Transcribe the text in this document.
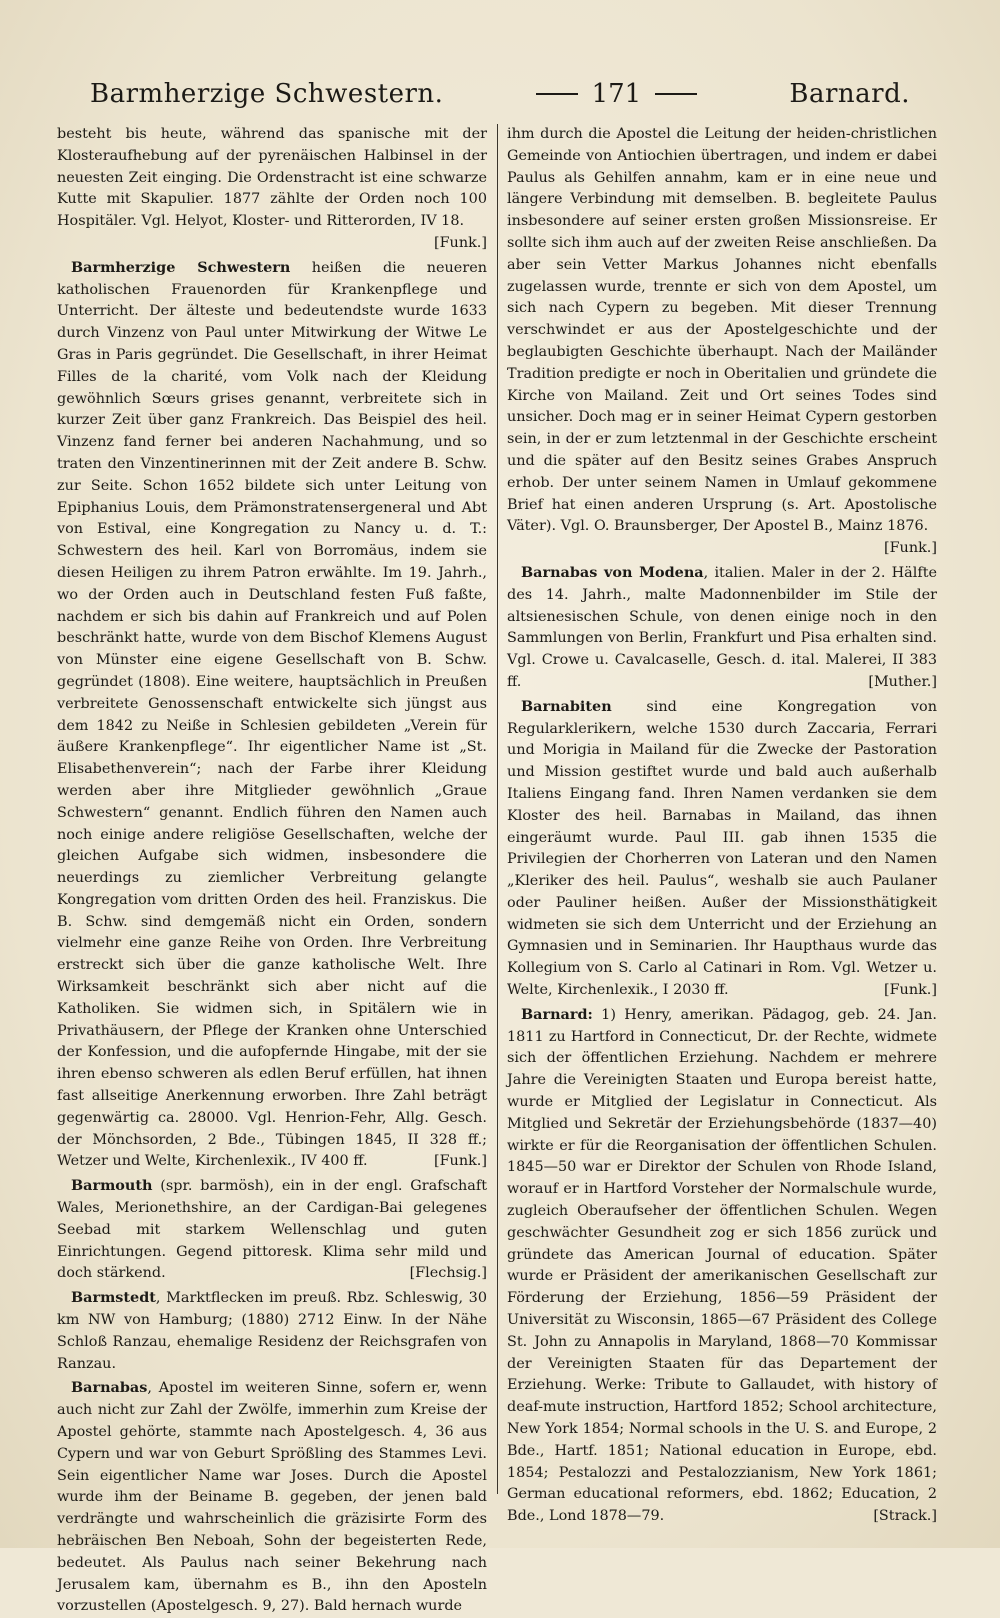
Barmherzige Schwestern.	171	Barnard.

besteht bis heute, während das spanische mit der Klosteraufhebung auf der pyrenäischen Halbinsel in der neuesten Zeit einging. Die Ordenstracht ist eine schwarze Kutte mit Skapulier. 1877 zählte der Orden noch 100 Hospitäler. Vgl. Helyot, Kloster- und Ritterorden, IV 18.
[Funk.]

Barmherzige Schwestern heißen die neueren katholischen Frauenorden für Krankenpflege und Unterricht. Der älteste und bedeutendste wurde 1633 durch Vinzenz von Paul unter Mitwirkung der Witwe Le Gras in Paris gegründet. Die Gesellschaft, in ihrer Heimat Filles de la charité, vom Volk nach der Kleidung gewöhnlich Sœurs grises genannt, verbreitete sich in kurzer Zeit über ganz Frankreich. Das Beispiel des heil. Vinzenz fand ferner bei anderen Nachahmung, und so traten den Vinzentinerinnen mit der Zeit andere B. Schw. zur Seite. Schon 1652 bildete sich unter Leitung von Epiphanius Louis, dem Prämonstratensergeneral und Abt von Estival, eine Kongregation zu Nancy u. d. T.: Schwestern des heil. Karl von Borromäus, indem sie diesen Heiligen zu ihrem Patron erwählte. Im 19. Jahrh., wo der Orden auch in Deutschland festen Fuß faßte, nachdem er sich bis dahin auf Frankreich und auf Polen beschränkt hatte, wurde von dem Bischof Klemens August von Münster eine eigene Gesellschaft von B. Schw. gegründet (1808). Eine weitere, hauptsächlich in Preußen verbreitete Genossenschaft entwickelte sich jüngst aus dem 1842 zu Neiße in Schlesien gebildeten „Verein für äußere Krankenpflege“. Ihr eigentlicher Name ist „St. Elisabethenverein“; nach der Farbe ihrer Kleidung werden aber ihre Mitglieder gewöhnlich „Graue Schwestern“ genannt. Endlich führen den Namen auch noch einige andere religiöse Gesellschaften, welche der gleichen Aufgabe sich widmen, insbesondere die neuerdings zu ziemlicher Verbreitung gelangte Kongregation vom dritten Orden des heil. Franziskus. Die B. Schw. sind demgemäß nicht ein Orden, sondern vielmehr eine ganze Reihe von Orden. Ihre Verbreitung erstreckt sich über die ganze katholische Welt. Ihre Wirksamkeit beschränkt sich aber nicht auf die Katholiken. Sie widmen sich, in Spitälern wie in Privathäusern, der Pflege der Kranken ohne Unterschied der Konfession, und die aufopfernde Hingabe, mit der sie ihren ebenso schweren als edlen Beruf erfüllen, hat ihnen fast allseitige Anerkennung erworben. Ihre Zahl beträgt gegenwärtig ca. 28000. Vgl. Henrion-Fehr, Allg. Gesch. der Mönchsorden, 2 Bde., Tübingen 1845, II 328 ff.; Wetzer und Welte, Kirchenlexik., IV 400 ff.	[Funk.]

Barmouth (spr. barmösh), ein in der engl. Grafschaft Wales, Merionethshire, an der Cardigan-Bai gelegenes Seebad mit starkem Wellenschlag und guten Einrichtungen. Gegend pittoresk. Klima sehr mild und doch stärkend.	[Flechsig.]

Barmstedt, Marktflecken im preuß. Rbz. Schleswig, 30 km NW von Hamburg; (1880) 2712 Einw. In der Nähe Schloß Ranzau, ehemalige Residenz der Reichsgrafen von Ranzau.

Barnabas, Apostel im weiteren Sinne, sofern er, wenn auch nicht zur Zahl der Zwölfe, immerhin zum Kreise der Apostel gehörte, stammte nach Apostelgesch. 4, 36 aus Cypern und war von Geburt Sprößling des Stammes Levi. Sein eigentlicher Name war Joses. Durch die Apostel wurde ihm der Beiname B. gegeben, der jenen bald verdrängte und wahrscheinlich die gräzisirte Form des hebräischen Ben Neboah, Sohn der begeisterten Rede, bedeutet. Als Paulus nach seiner Bekehrung nach Jerusalem kam, übernahm es B., ihn den Aposteln vorzustellen (Apostelgesch. 9, 27). Bald hernach wurde

ihm durch die Apostel die Leitung der heiden-christlichen Gemeinde von Antiochien übertragen, und indem er dabei Paulus als Gehilfen annahm, kam er in eine neue und längere Verbindung mit demselben. B. begleitete Paulus insbesondere auf seiner ersten großen Missionsreise. Er sollte sich ihm auch auf der zweiten Reise anschließen. Da aber sein Vetter Markus Johannes nicht ebenfalls zugelassen wurde, trennte er sich von dem Apostel, um sich nach Cypern zu begeben. Mit dieser Trennung verschwindet er aus der Apostelgeschichte und der beglaubigten Geschichte überhaupt. Nach der Mailänder Tradition predigte er noch in Oberitalien und gründete die Kirche von Mailand. Zeit und Ort seines Todes sind unsicher. Doch mag er in seiner Heimat Cypern gestorben sein, in der er zum letztenmal in der Geschichte erscheint und die später auf den Besitz seines Grabes Anspruch erhob. Der unter seinem Namen in Umlauf gekommene Brief hat einen anderen Ursprung (s. Art. Apostolische Väter). Vgl. O. Braunsberger, Der Apostel B., Mainz 1876.
[Funk.]

Barnabas von Modena, italien. Maler in der 2. Hälfte des 14. Jahrh., malte Madonnenbilder im Stile der altsienesischen Schule, von denen einige noch in den Sammlungen von Berlin, Frankfurt und Pisa erhalten sind. Vgl. Crowe u. Cavalcaselle, Gesch. d. ital. Malerei, II 383 ff.	[Muther.]

Barnabiten sind eine Kongregation von Regularklerikern, welche 1530 durch Zaccaria, Ferrari und Morigia in Mailand für die Zwecke der Pastoration und Mission gestiftet wurde und bald auch außerhalb Italiens Eingang fand. Ihren Namen verdanken sie dem Kloster des heil. Barnabas in Mailand, das ihnen eingeräumt wurde. Paul III. gab ihnen 1535 die Privilegien der Chorherren von Lateran und den Namen „Kleriker des heil. Paulus“, weshalb sie auch Paulaner oder Pauliner heißen. Außer der Missionsthätigkeit widmeten sie sich dem Unterricht und der Erziehung an Gymnasien und in Seminarien. Ihr Haupthaus wurde das Kollegium von S. Carlo al Catinari in Rom. Vgl. Wetzer u. Welte, Kirchenlexik., I 2030 ff.	[Funk.]

Barnard: 1) Henry, amerikan. Pädagog, geb. 24. Jan. 1811 zu Hartford in Connecticut, Dr. der Rechte, widmete sich der öffentlichen Erziehung. Nachdem er mehrere Jahre die Vereinigten Staaten und Europa bereist hatte, wurde er Mitglied der Legislatur in Connecticut. Als Mitglied und Sekretär der Erziehungsbehörde (1837—40) wirkte er für die Reorganisation der öffentlichen Schulen. 1845—50 war er Direktor der Schulen von Rhode Island, worauf er in Hartford Vorsteher der Normalschule wurde, zugleich Oberaufseher der öffentlichen Schulen. Wegen geschwächter Gesundheit zog er sich 1856 zurück und gründete das American Journal of education. Später wurde er Präsident der amerikanischen Gesellschaft zur Förderung der Erziehung, 1856—59 Präsident der Universität zu Wisconsin, 1865—67 Präsident des College St. John zu Annapolis in Maryland, 1868—70 Kommissar der Vereinigten Staaten für das Departement der Erziehung. Werke: Tribute to Gallaudet, with history of deaf-mute instruction, Hartford 1852; School architecture, New York 1854; Normal schools in the U. S. and Europe, 2 Bde., Hartf. 1851; National education in Europe, ebd. 1854; Pestalozzi and Pestalozzianism, New York 1861; German educational reformers, ebd. 1862; Education, 2 Bde., Lond 1878—79.	[Strack.]
